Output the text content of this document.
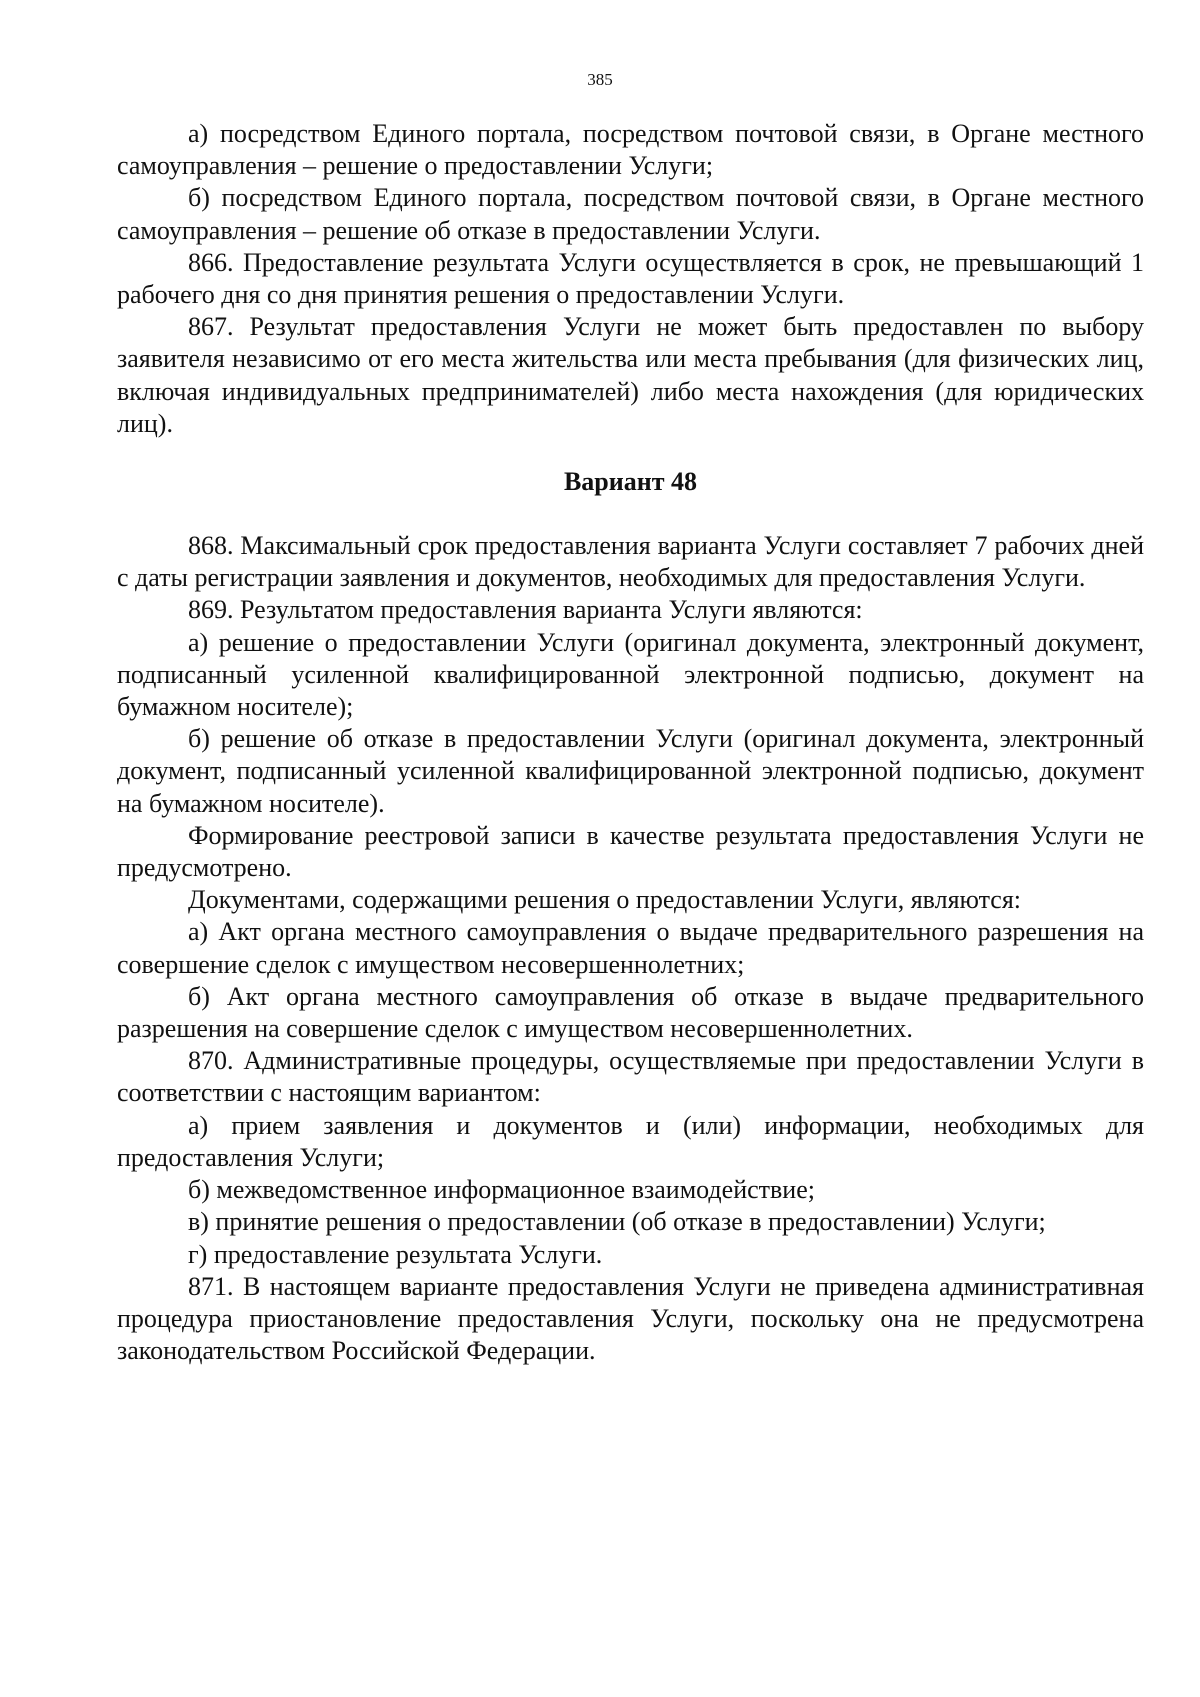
385

а) посредством Единого портала, посредством почтовой связи, в Органе местного самоуправления – решение о предоставлении Услуги;

б) посредством Единого портала, посредством почтовой связи, в Органе местного самоуправления – решение об отказе в предоставлении Услуги.

866. Предоставление результата Услуги осуществляется в срок, не превышающий 1 рабочего дня со дня принятия решения о предоставлении Услуги.

867. Результат предоставления Услуги не может быть предоставлен по выбору заявителя независимо от его места жительства или места пребывания (для физических лиц, включая индивидуальных предпринимателей) либо места нахождения (для юридических лиц).

Вариант 48

868. Максимальный срок предоставления варианта Услуги составляет 7 рабочих дней с даты регистрации заявления и документов, необходимых для предоставления Услуги.

869. Результатом предоставления варианта Услуги являются:

а) решение о предоставлении Услуги (оригинал документа, электронный документ, подписанный усиленной квалифицированной электронной подписью, документ на бумажном носителе);

б) решение об отказе в предоставлении Услуги (оригинал документа, электронный документ, подписанный усиленной квалифицированной электронной подписью, документ на бумажном носителе).

Формирование реестровой записи в качестве результата предоставления Услуги не предусмотрено.

Документами, содержащими решения о предоставлении Услуги, являются:

а) Акт органа местного самоуправления о выдаче предварительного разрешения на совершение сделок с имуществом несовершеннолетних;

б) Акт органа местного самоуправления об отказе в выдаче предварительного разрешения на совершение сделок с имуществом несовершеннолетних.

870. Административные процедуры, осуществляемые при предоставлении Услуги в соответствии с настоящим вариантом:

а) прием заявления и документов и (или) информации, необходимых для предоставления Услуги;

б) межведомственное информационное взаимодействие;

в) принятие решения о предоставлении (об отказе в предоставлении) Услуги;

г) предоставление результата Услуги.

871. В настоящем варианте предоставления Услуги не приведена административная процедура приостановление предоставления Услуги, поскольку она не предусмотрена законодательством Российской Федерации.
